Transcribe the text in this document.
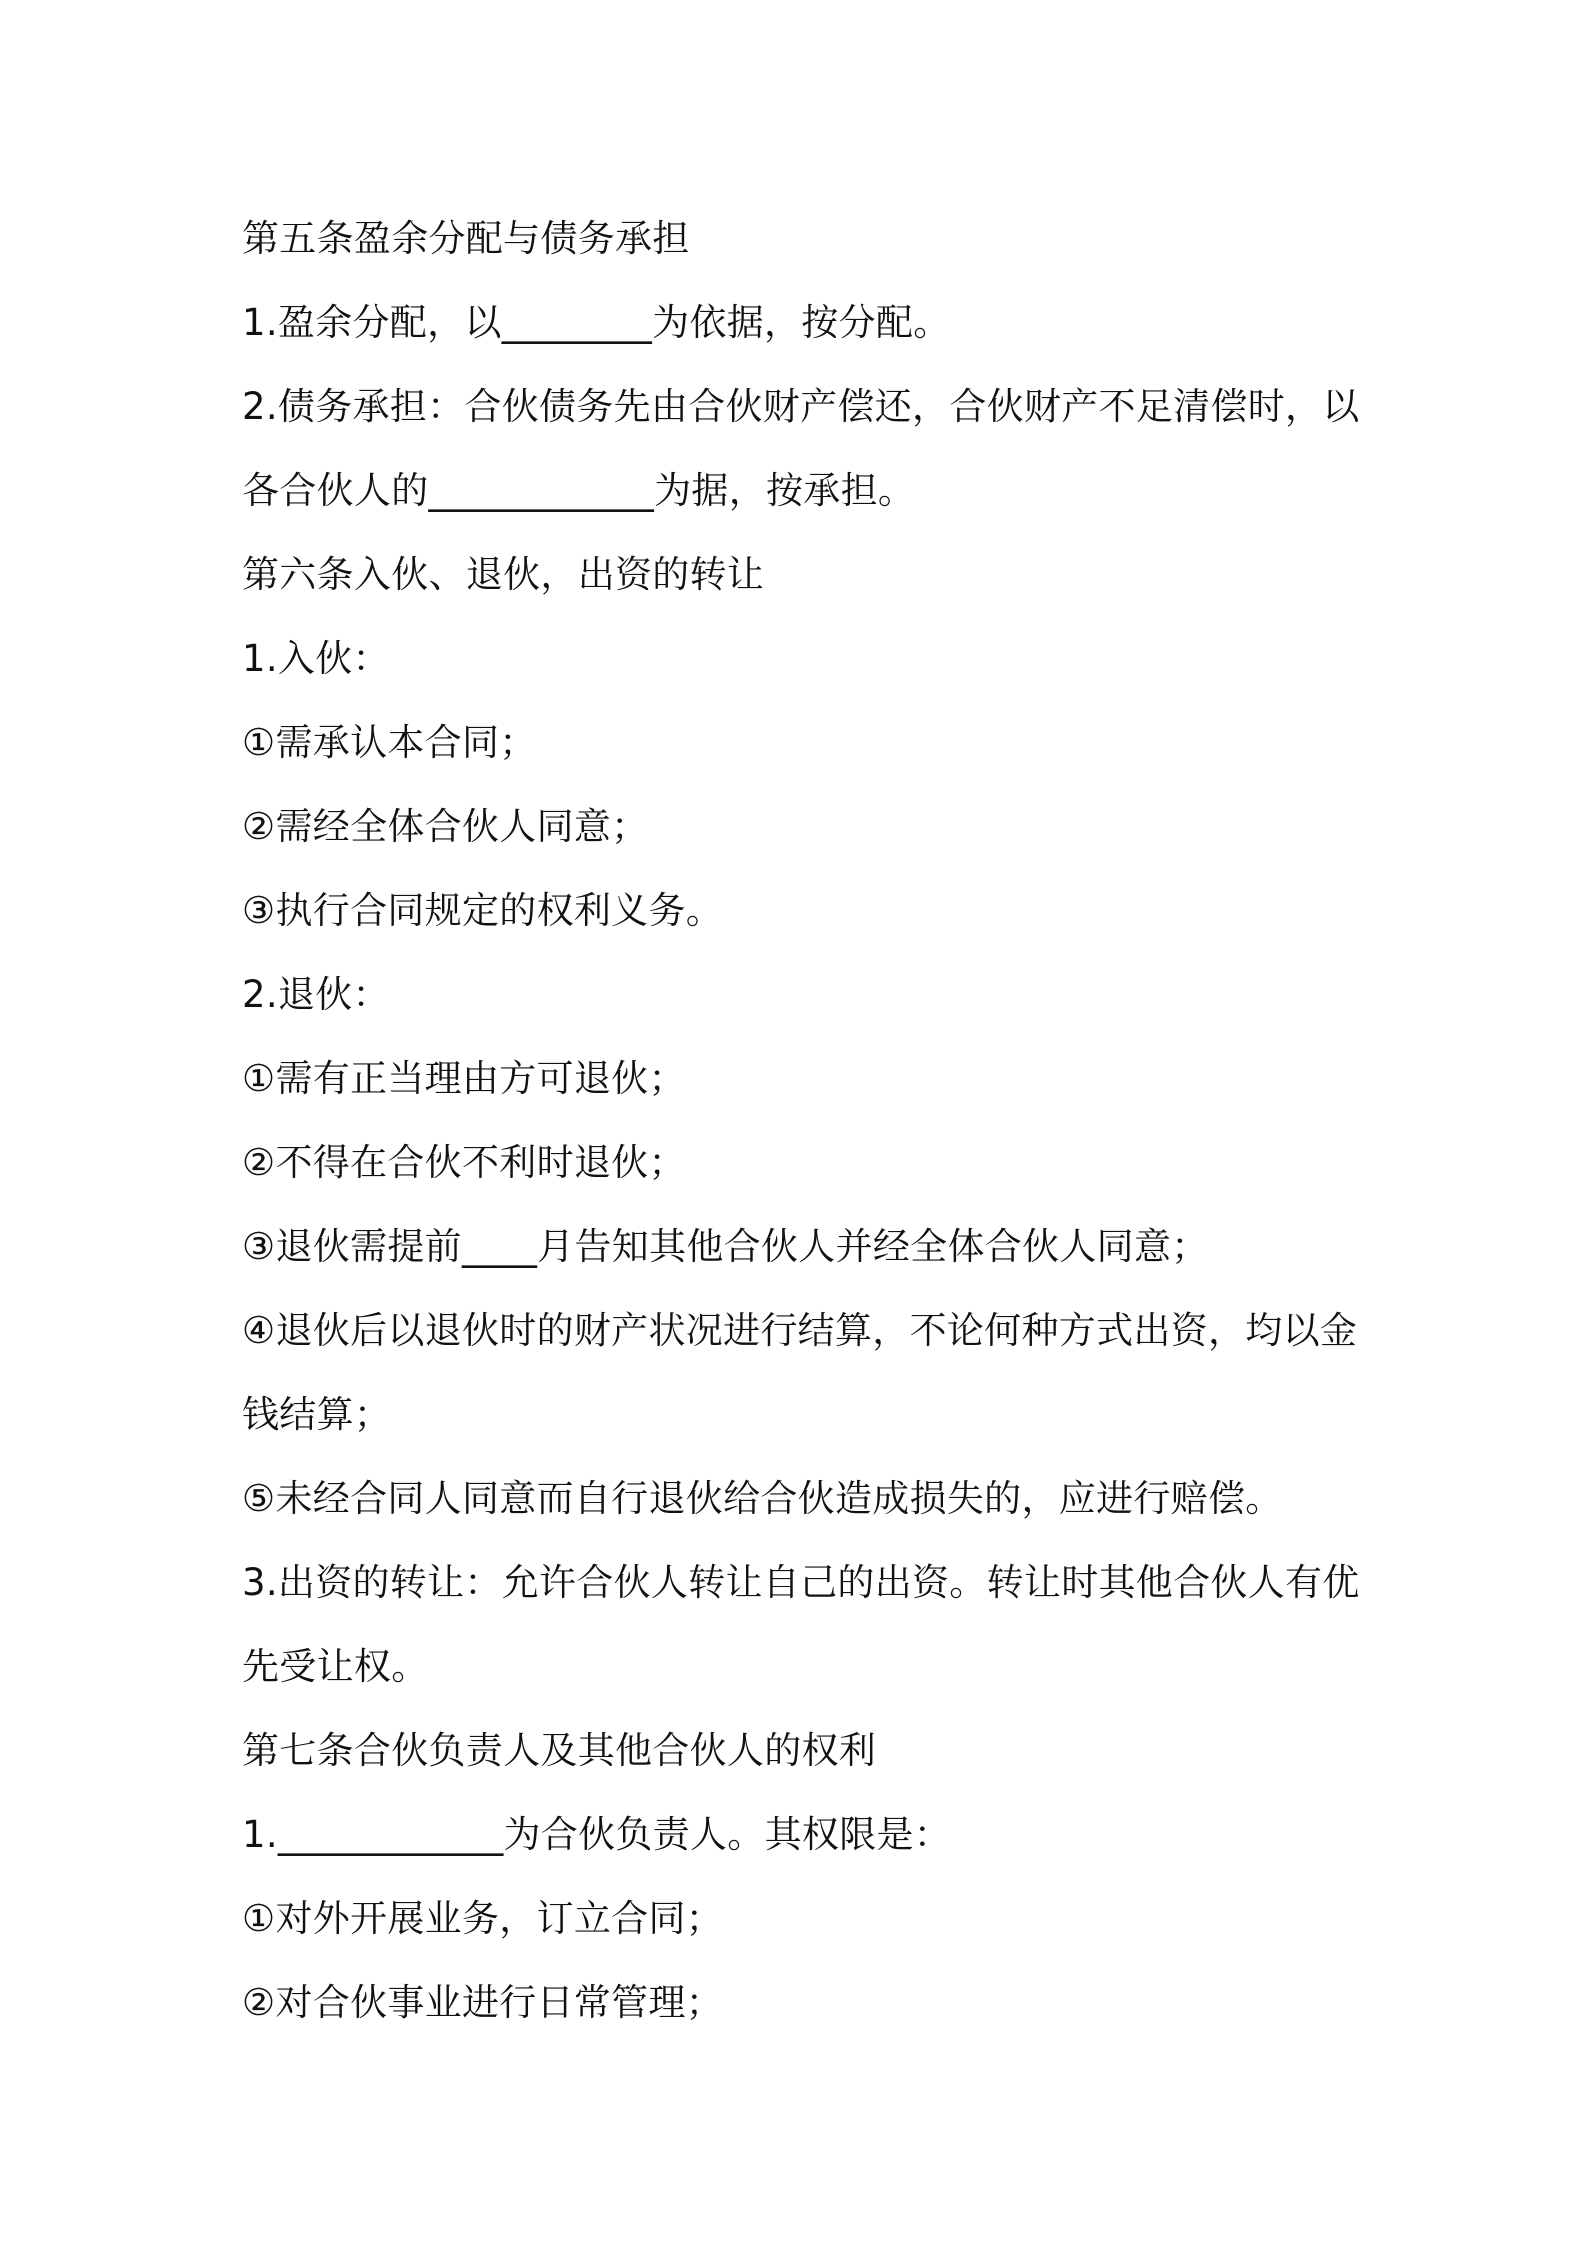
第五条盈余分配与债务承担
1.盈余分配，以________为依据，按分配。
2.债务承担：合伙债务先由合伙财产偿还，合伙财产不足清偿时，以
各合伙人的____________为据，按承担。
第六条入伙、退伙，出资的转让
1.入伙：
①需承认本合同；
②需经全体合伙人同意；
③执行合同规定的权利义务。
2.退伙：
①需有正当理由方可退伙；
②不得在合伙不利时退伙；
③退伙需提前____月告知其他合伙人并经全体合伙人同意；
④退伙后以退伙时的财产状况进行结算，不论何种方式出资，均以金
钱结算；
⑤未经合同人同意而自行退伙给合伙造成损失的，应进行赔偿。
3.出资的转让：允许合伙人转让自己的出资。转让时其他合伙人有优
先受让权。
第七条合伙负责人及其他合伙人的权利
1.____________为合伙负责人。其权限是：
①对外开展业务，订立合同；
②对合伙事业进行日常管理；
